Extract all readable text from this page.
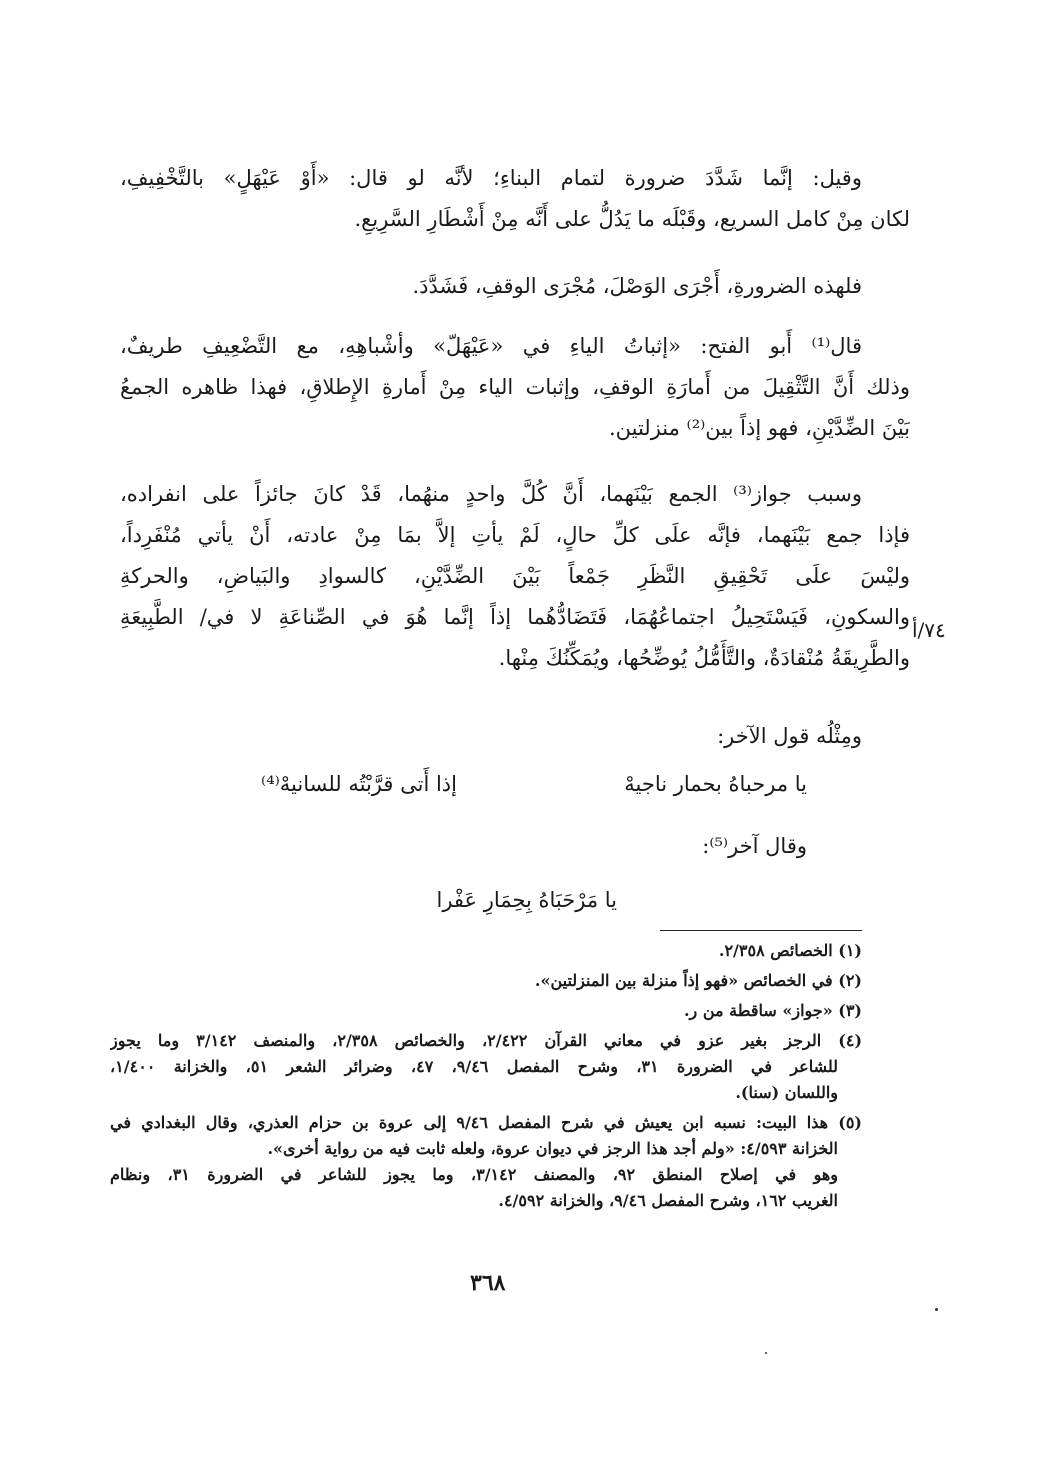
وقيل: إنَّما شَدَّدَ ضرورة لتمام البناءِ؛ لأنَّه لو قال: «أَوْ عَيْهَلٍ» بالتَّخْفِيفِ،
لكان مِنْ كامل السريع، وقَبْلَه ما يَدُلُّ على أَنَّه مِنْ أَشْطَارِ السَّرِيعِ.

فلهذه الضرورةِ، أَجْرَى الوَصْلَ، مُجْرَى الوقفِ، فَشَدَّدَ.

قال⁽¹⁾ أَبو الفتح: «إثباتُ الياءِ في «عَيْهَلّ» وأشْباهِهِ، مع التَّضْعِيفِ طريفٌ،
وذلك أَنَّ التَّثْقِيلَ من أَمارَةِ الوقفِ، وإثبات الياء مِنْ أَمارةِ الإِطلاقِ، فهذا ظاهره الجمعُ
بَيْنَ الضِّدَّيْنِ، فهو إذاً بين⁽²⁾ منزلتين.

وسبب جواز⁽³⁾ الجمع بَيْنَهما، أَنَّ كُلَّ واحدٍ منهُما، قَدْ كانَ جائزاً على انفراده،
فإذا جمع بَيْنَهما، فإنَّه علَى كلِّ حالٍ، لَمْ يأتِ إلاَّ بمَا مِنْ عادته، أَنْ يأتي مُنْفَرِداً،
وليْسَ علَى تَحْقِيقِ النَّظَرِ جَمْعاً بَيْنَ الضِّدَّيْنِ، كالسوادِ والبَياضِ، والحركةِ
والسكونِ، فَيَسْتَحِيلُ اجتماعُهُمَا، فَتَضَادُّهُما إذاً إنَّما هُوَ في الصِّناعَةِ لا في/ الطَّبِيعَةِ
والطَّرِيقَةُ مُنْقادَةٌ، والتَّأَمُّلُ يُوضِّحُها، ويُمَكِّنُكَ مِنْها.

ومِثْلُه قول الآخر:

٧٤/أ
يا مرحباهُ بحمار ناجيهْ
إذا أَتى قرَّبْتُه للسانيهْ⁽⁴⁾
وقال آخر⁽⁵⁾:
يا مَرْحَبَاهُ بِحِمَارِ عَفْرا
(١) الخصائص ٢/٣٥٨.
(٢) في الخصائص «فهو إذاً منزلة بين المنزلتين».
(٣) «جواز» ساقطة من ر.
(٤) الرجز بغير عزو في معاني القرآن ٢/٤٢٢، والخصائص ٢/٣٥٨، والمنصف ٣/١٤٢ وما يجوز
للشاعر في الضرورة ٣١، وشرح المفصل ٩/٤٦، ٤٧، وضرائر الشعر ٥١، والخزانة ١/٤٠٠،
واللسان (سنا).
(٥) هذا البيت: نسبه ابن يعيش في شرح المفصل ٩/٤٦ إلى عروة بن حزام العذري، وقال البغدادي في
الخزانة ٤/٥٩٣: «ولم أجد هذا الرجز في ديوان عروة، ولعله ثابت فيه من رواية أخرى».
وهو في إصلاح المنطق ٩٢، والمصنف ٣/١٤٢، وما يجوز للشاعر في الضرورة ٣١، ونظام
الغريب ١٦٢، وشرح المفصل ٩/٤٦، والخزانة ٤/٥٩٢.
٣٦٨
